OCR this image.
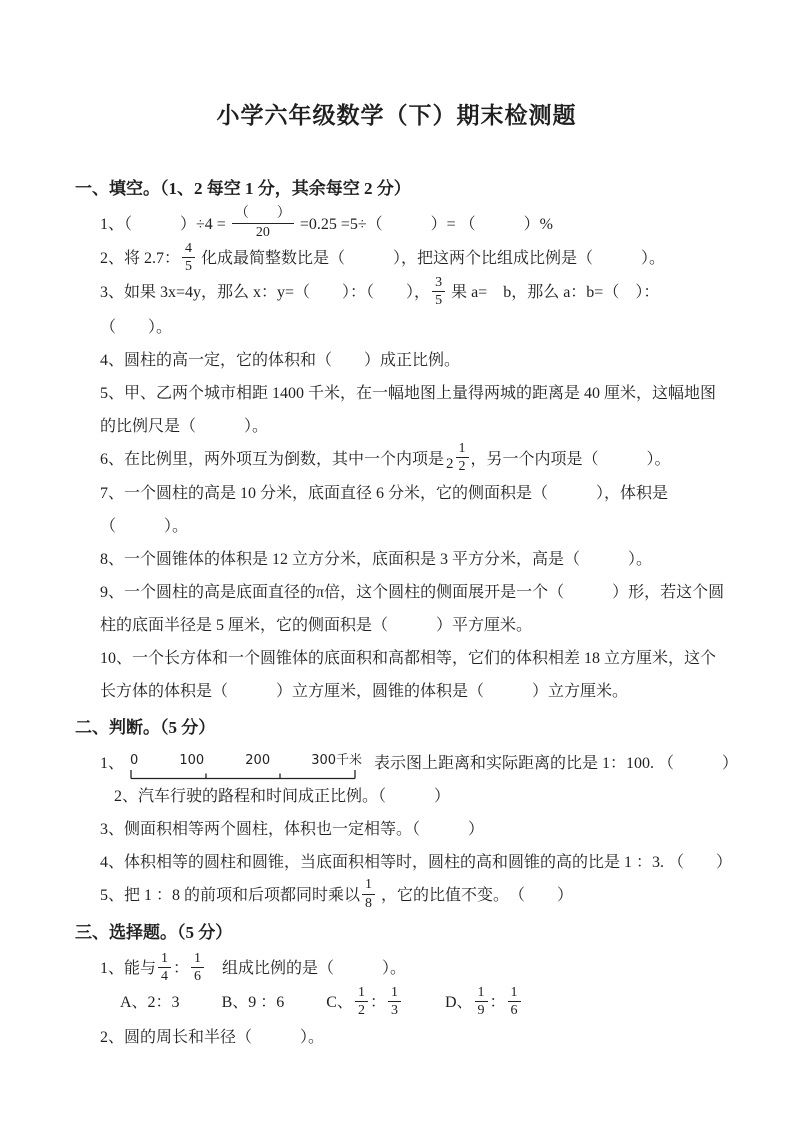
小学六年级数学（下）期末检测题
一、填空。（1、2 每空 1 分，其余每空 2 分）

1、（　　　）$\div 4 = \frac{( )}{20} =0.25 =5\div$（　　　）= （　　　）%

2、将 2.7： $\frac{4}{5}$ 化成最简整数比是（　　　），把这两个比组成比例是（　　　）。

3、如果 3x=4y，那么 x：y=（　　）：（　　）， $\frac{3}{5}$ 果 a=　b，那么 a：b=（　）：
（　　）。

4、圆柱的高一定，它的体积和（　　）成正比例。

5、甲、乙两个城市相距 1400 千米，在一幅地图上量得两城的距离是 40 厘米，这幅地图
的比例尺是（　　　）。

6、在比例里，两外项互为倒数，其中一个内项是 $2 \frac{1}{2}$ ，另一个内项是（　　　）。

7、一个圆柱的高是 10 分米，底面直径 6 分米，它的侧面积是（　　　），体积是（　　　）。

8、一个圆锥体的体积是 12 立方分米，底面积是 3 平方分米，高是（　　　）。

9、一个圆柱的高是底面直径的π倍，这个圆柱的侧面展开是一个（　　　）形，若这个圆
柱的底面半径是 5 厘米，它的侧面积是（　　　）平方厘米。

10、一个长方体和一个圆锥体的底面积和高都相等，它们的体积相差 18 立方厘米，这个
长方体的体积是（　　　）立方厘米，圆锥的体积是（　　　）立方厘米。

二、判断。（5 分）

1、 0	100	200	300千米 表示图上距离和实际距离的比是 1：100. （　　　）

2、汽车行驶的路程和时间成正比例。（　　　）

3、侧面积相等两个圆柱，体积也一定相等。（　　　）

4、体积相等的圆柱和圆锥，当底面积相等时，圆柱的高和圆锥的高的比是 1 ：3. （　　）

5、把 1 ：8 的前项和后项都同时乘以 $\frac{1}{8}$ ，它的比值不变。　（　　）

三、选择题。（5 分）

1、能与 $\frac{1}{4}$ ： $\frac{1}{6}$ 　组成比例的是（　　　）。

A、2：3	B、9 ：6	C、 $\frac{1}{2}$ ： $\frac{1}{3}$	D、 $\frac{1}{9}$ ： $\frac{1}{6}$

2、圆的周长和半径（　　　）。
